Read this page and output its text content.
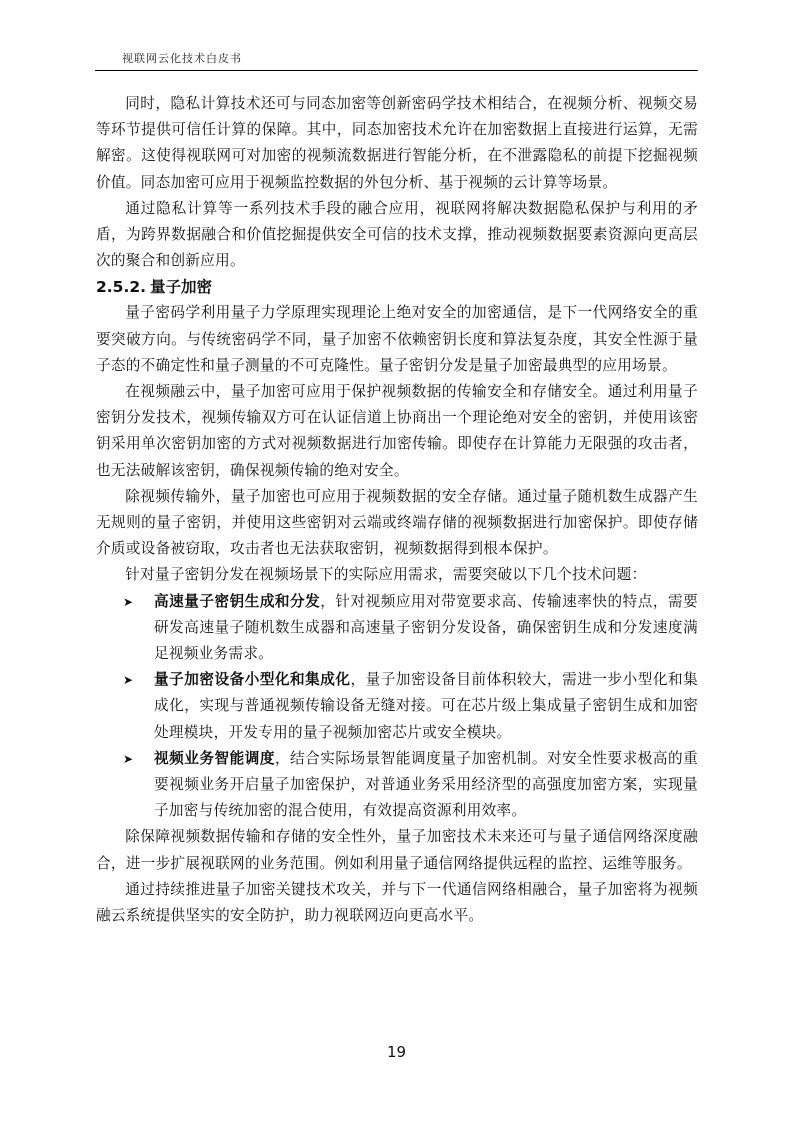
视联网云化技术白皮书

同时，隐私计算技术还可与同态加密等创新密码学技术相结合，在视频分析、视频交易等环节提供可信任计算的保障。其中，同态加密技术允许在加密数据上直接进行运算，无需解密。这使得视联网可对加密的视频流数据进行智能分析，在不泄露隐私的前提下挖掘视频价值。同态加密可应用于视频监控数据的外包分析、基于视频的云计算等场景。

通过隐私计算等一系列技术手段的融合应用，视联网将解决数据隐私保护与利用的矛盾，为跨界数据融合和价值挖掘提供安全可信的技术支撑，推动视频数据要素资源向更高层次的聚合和创新应用。

2.5.2. 量子加密

量子密码学利用量子力学原理实现理论上绝对安全的加密通信，是下一代网络安全的重要突破方向。与传统密码学不同，量子加密不依赖密钥长度和算法复杂度，其安全性源于量子态的不确定性和量子测量的不可克隆性。量子密钥分发是量子加密最典型的应用场景。

在视频融云中，量子加密可应用于保护视频数据的传输安全和存储安全。通过利用量子密钥分发技术，视频传输双方可在认证信道上协商出一个理论绝对安全的密钥，并使用该密钥采用单次密钥加密的方式对视频数据进行加密传输。即使存在计算能力无限强的攻击者，也无法破解该密钥，确保视频传输的绝对安全。

除视频传输外，量子加密也可应用于视频数据的安全存储。通过量子随机数生成器产生无规则的量子密钥，并使用这些密钥对云端或终端存储的视频数据进行加密保护。即使存储介质或设备被窃取，攻击者也无法获取密钥，视频数据得到根本保护。

针对量子密钥分发在视频场景下的实际应用需求，需要突破以下几个技术问题：

➤ 高速量子密钥生成和分发，针对视频应用对带宽要求高、传输速率快的特点，需要研发高速量子随机数生成器和高速量子密钥分发设备，确保密钥生成和分发速度满足视频业务需求。

➤ 量子加密设备小型化和集成化，量子加密设备目前体积较大，需进一步小型化和集成化，实现与普通视频传输设备无缝对接。可在芯片级上集成量子密钥生成和加密处理模块，开发专用的量子视频加密芯片或安全模块。

➤ 视频业务智能调度，结合实际场景智能调度量子加密机制。对安全性要求极高的重要视频业务开启量子加密保护，对普通业务采用经济型的高强度加密方案，实现量子加密与传统加密的混合使用，有效提高资源利用效率。

除保障视频数据传输和存储的安全性外，量子加密技术未来还可与量子通信网络深度融合，进一步扩展视联网的业务范围。例如利用量子通信网络提供远程的监控、运维等服务。

通过持续推进量子加密关键技术攻关，并与下一代通信网络相融合，量子加密将为视频融云系统提供坚实的安全防护，助力视联网迈向更高水平。

19
